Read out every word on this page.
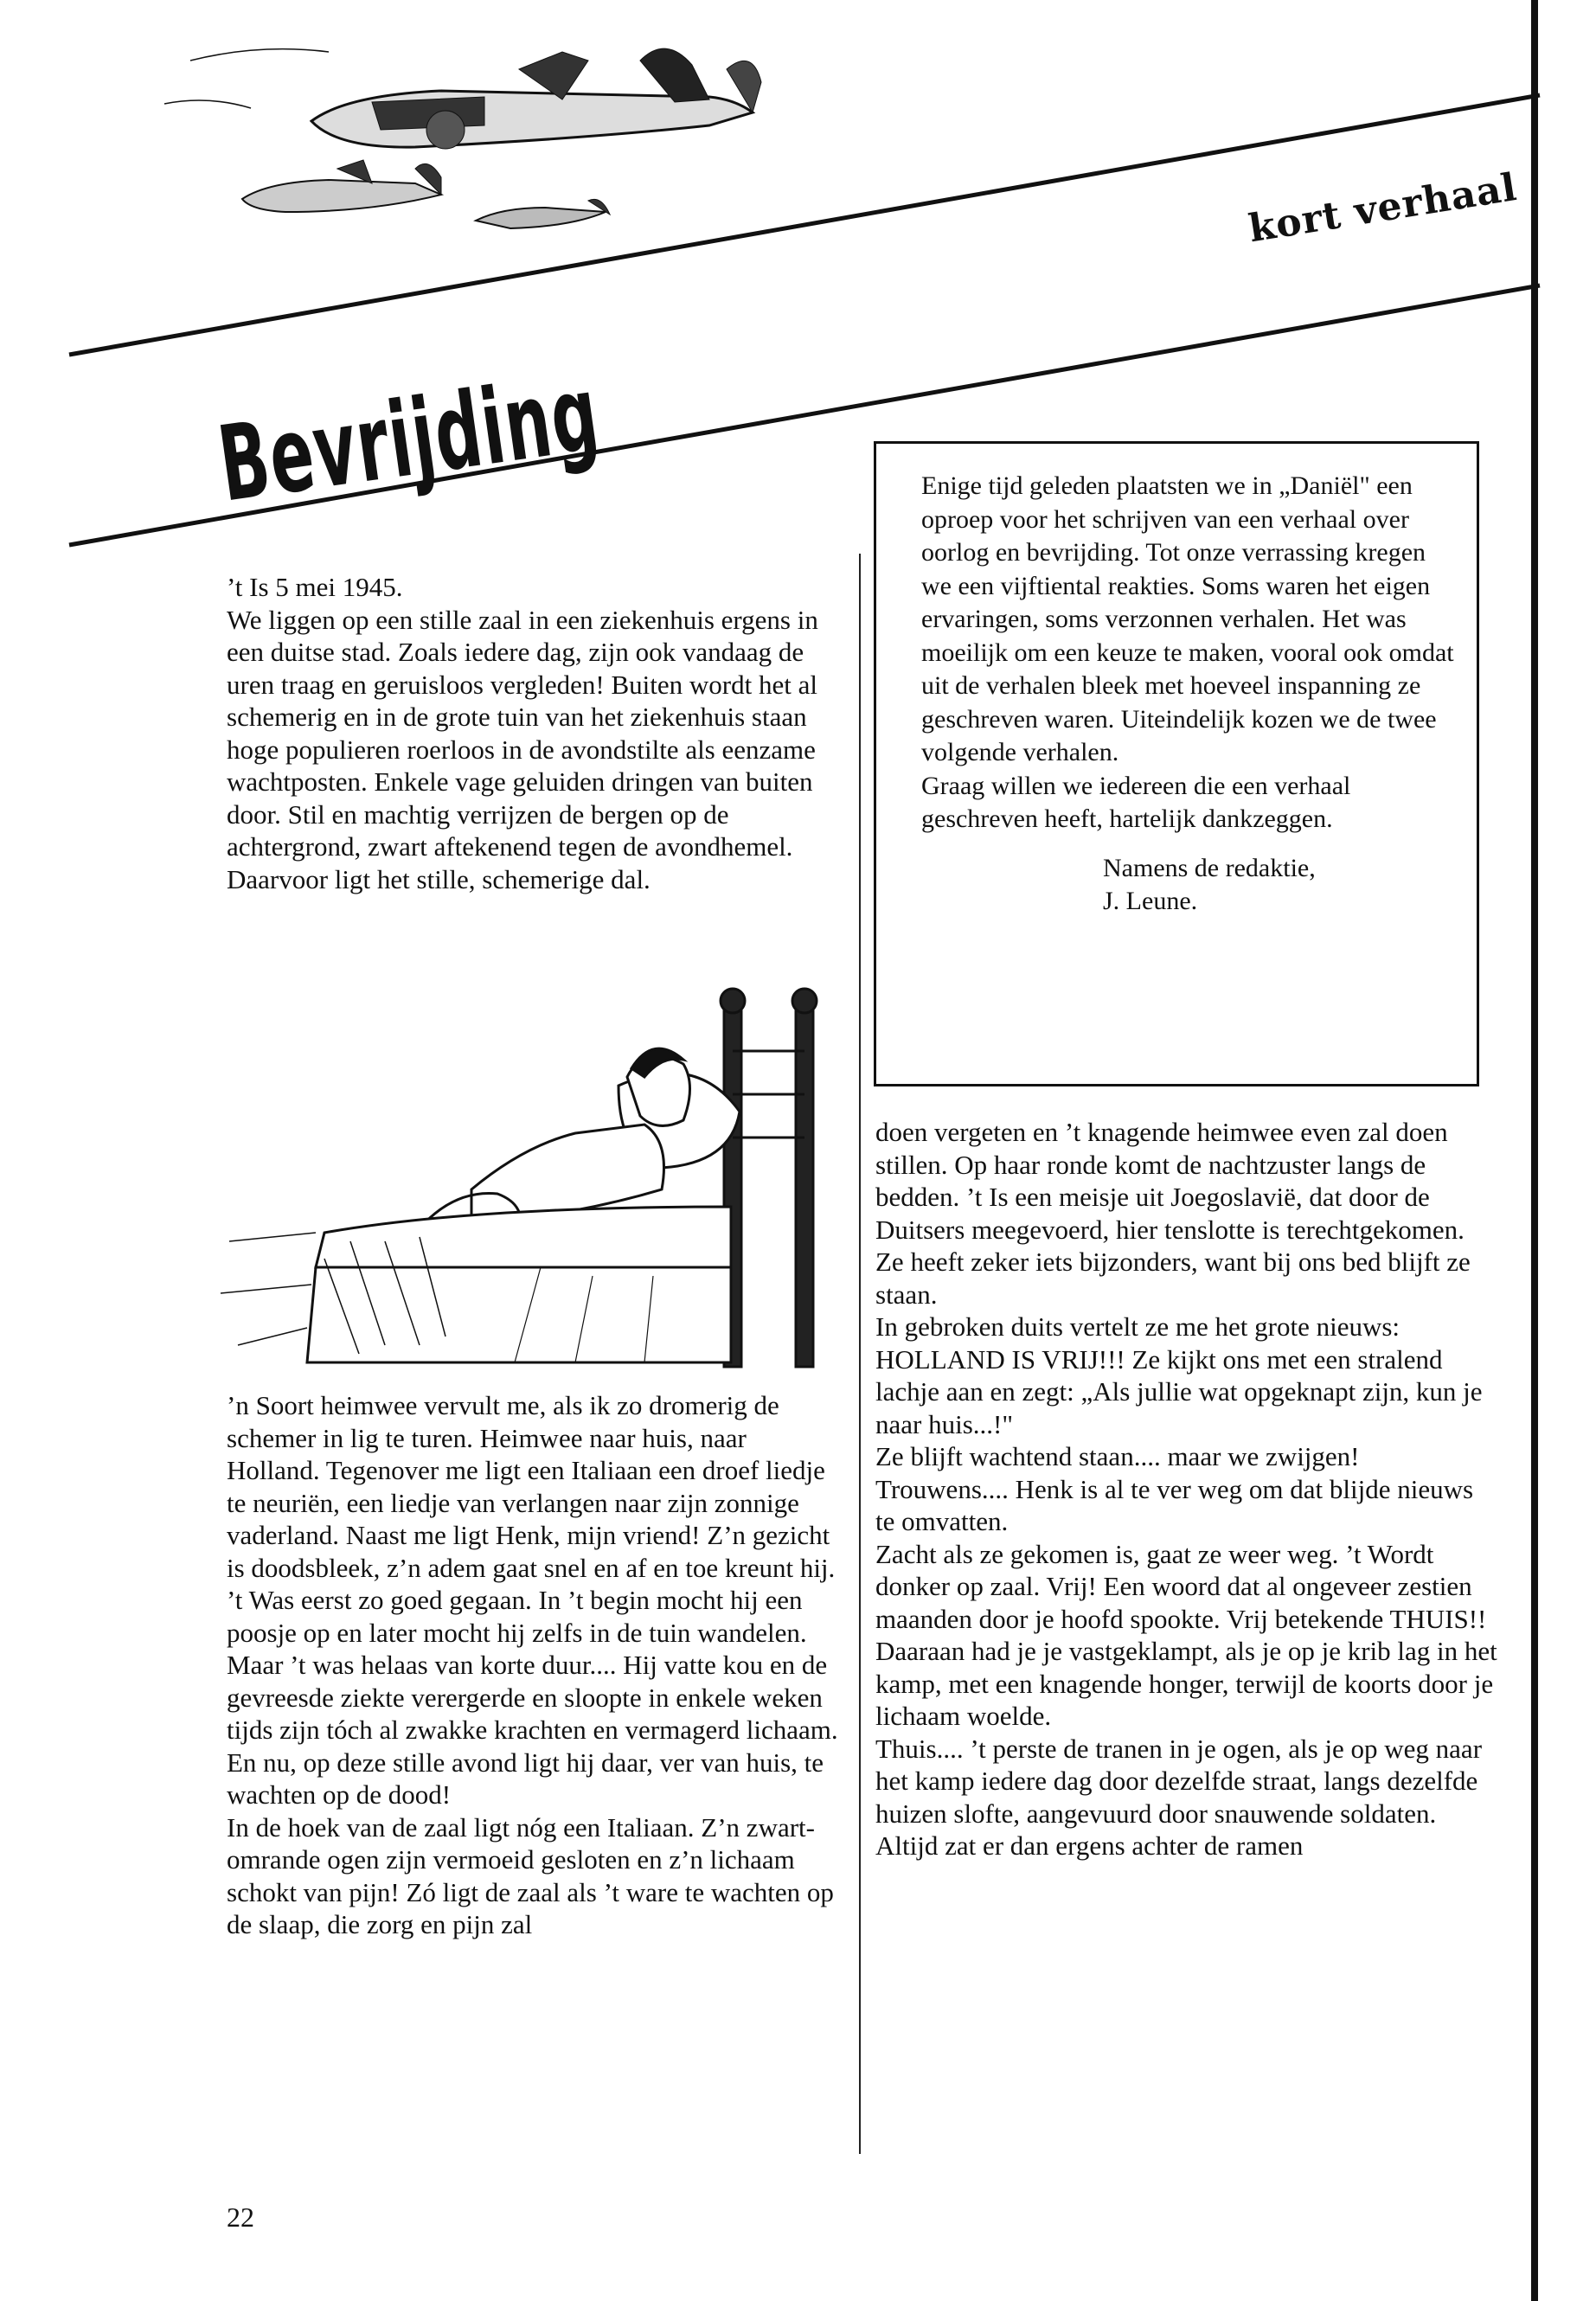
kort verhaal
Bevrijding

’t Is 5 mei 1945.

We liggen op een stille zaal in een ziekenhuis ergens in een duitse stad. Zoals iedere dag, zijn ook vandaag de uren traag en geruisloos vergleden! Buiten wordt het al schemerig en in de grote tuin van het ziekenhuis staan hoge populieren roerloos in de avondstilte als eenzame wachtposten. Enkele vage geluiden dringen van buiten door. Stil en machtig verrijzen de bergen op de achtergrond, zwart aftekenend tegen de avondhemel. Daarvoor ligt het stille, schemerige dal.

’n Soort heimwee vervult me, als ik zo dromerig de schemer in lig te turen. Heimwee naar huis, naar Holland. Tegenover me ligt een Italiaan een droef liedje te neuriën, een liedje van verlangen naar zijn zonnige vaderland. Naast me ligt Henk, mijn vriend! Z’n gezicht is doodsbleek, z’n adem gaat snel en af en toe kreunt hij. ’t Was eerst zo goed gegaan. In ’t begin mocht hij een poosje op en later mocht hij zelfs in de tuin wandelen. Maar ’t was helaas van korte duur.... Hij vatte kou en de gevreesde ziekte verergerde en sloopte in enkele weken tijds zijn tóch al zwakke krachten en vermagerd lichaam.

En nu, op deze stille avond ligt hij daar, ver van huis, te wachten op de dood!

In de hoek van de zaal ligt nóg een Italiaan. Z’n zwart-omrande ogen zijn vermoeid gesloten en z’n lichaam schokt van pijn! Zó ligt de zaal als ’t ware te wachten op de slaap, die zorg en pijn zal

Enige tijd geleden plaatsten we in „Daniël" een oproep voor het schrijven van een verhaal over oorlog en bevrijding. Tot onze verrassing kregen we een vijftiental reakties. Soms waren het eigen ervaringen, soms verzonnen verhalen. Het was moeilijk om een keuze te maken, vooral ook omdat uit de verhalen bleek met hoeveel inspanning ze geschreven waren. Uiteindelijk kozen we de twee volgende verhalen.

Graag willen we iedereen die een verhaal geschreven heeft, hartelijk dankzeggen.

Namens de redaktie,
J. Leune.

doen vergeten en ’t knagende heimwee even zal doen stillen. Op haar ronde komt de nachtzuster langs de bedden. ’t Is een meisje uit Joegoslavië, dat door de Duitsers meegevoerd, hier tenslotte is terechtgekomen.

Ze heeft zeker iets bijzonders, want bij ons bed blijft ze staan.

In gebroken duits vertelt ze me het grote nieuws: HOLLAND IS VRIJ!!! Ze kijkt ons met een stralend lachje aan en zegt: „Als jullie wat opgeknapt zijn, kun je naar huis...!"

Ze blijft wachtend staan.... maar we zwijgen! Trouwens.... Henk is al te ver weg om dat blijde nieuws te omvatten.

Zacht als ze gekomen is, gaat ze weer weg. ’t Wordt donker op zaal. Vrij! Een woord dat al ongeveer zestien maanden door je hoofd spookte. Vrij betekende THUIS!! Daaraan had je je vastgeklampt, als je op je krib lag in het kamp, met een knagende honger, terwijl de koorts door je lichaam woelde.

Thuis.... ’t perste de tranen in je ogen, als je op weg naar het kamp iedere dag door dezelfde straat, langs dezelfde huizen slofte, aangevuurd door snauwende soldaten.

Altijd zat er dan ergens achter de ramen

22
